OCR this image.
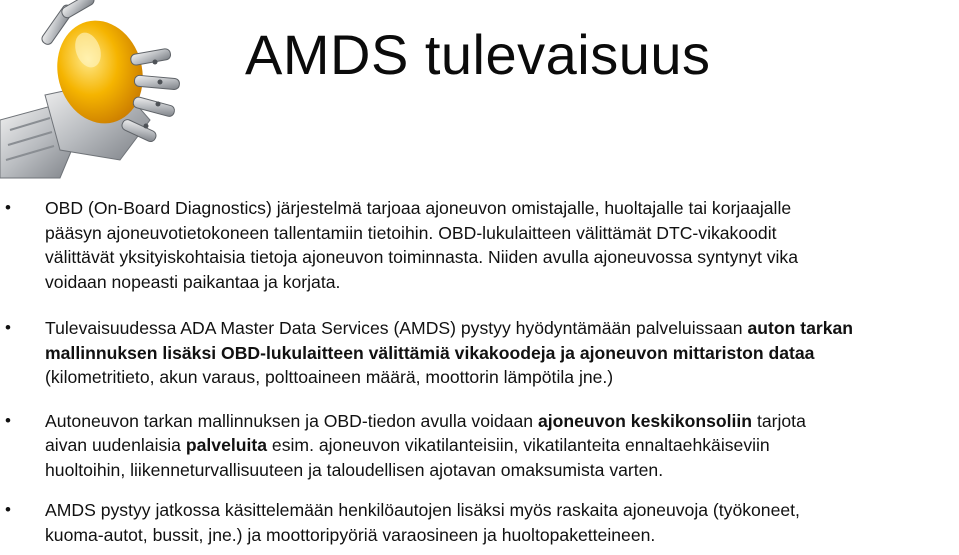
AMDS tulevaisuus
• OBD (On-Board Diagnostics) järjestelmä tarjoaa ajoneuvon omistajalle, huoltajalle tai korjaajalle
pääsyn ajoneuvotietokoneen tallentamiin tietoihin. OBD-lukulaitteen välittämät DTC-vikakoodit
välittävät yksityiskohtaisia tietoja ajoneuvon toiminnasta. Niiden avulla ajoneuvossa syntynyt vika
voidaan nopeasti paikantaa ja korjata.
• Tulevaisuudessa ADA Master Data Services (AMDS) pystyy hyödyntämään palveluissaan auton tarkan
mallinnuksen lisäksi OBD-lukulaitteen välittämiä vikakoodeja ja ajoneuvon mittariston dataa
(kilometritieto, akun varaus, polttoaineen määrä, moottorin lämpötila jne.)
• Autoneuvon tarkan mallinnuksen ja OBD-tiedon avulla voidaan ajoneuvon keskikonsoliin tarjota
aivan uudenlaisia palveluita esim. ajoneuvon vikatilanteisiin, vikatilanteita ennaltaehkäiseviin
huoltoihin, liikenneturvallisuuteen ja taloudellisen ajotavan omaksumista varten.
• AMDS pystyy jatkossa käsittelemään henkilöautojen lisäksi myös raskaita ajoneuvoja (työkoneet,
kuoma-autot, bussit, jne.) ja moottoripyöriä varaosineen ja huoltopaketteineen.
